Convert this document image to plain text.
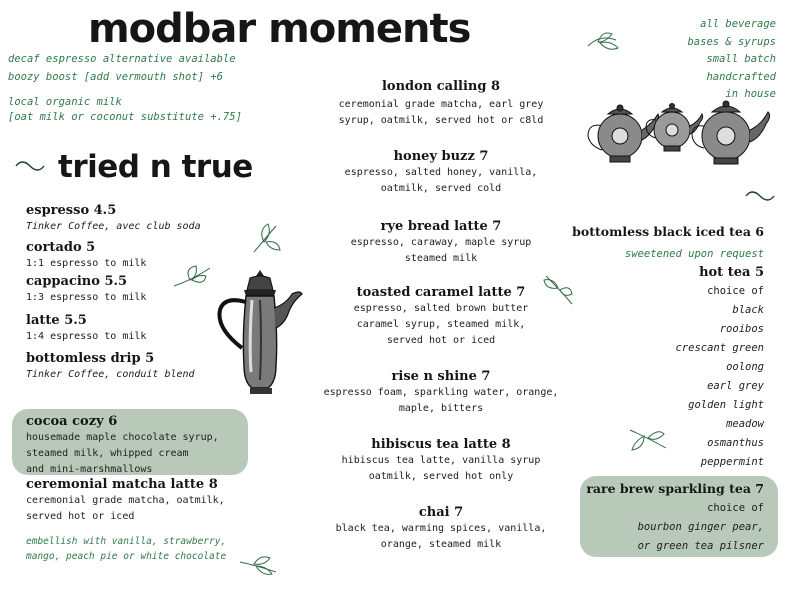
modbar moments
decaf espresso alternative available
boozy boost [add vermouth shot] +6
local organic milk
[oat milk or coconut substitute +.75]
all beverage
bases & syrups
small batch
handcrafted
in house
tried n true
espresso 4.5
Tinker Coffee, avec club soda
cortado 5
1:1 espresso to milk
cappacino 5.5
1:3 espresso to milk
latte 5.5
1:4 espresso to milk
bottomless drip 5
Tinker Coffee, conduit blend
cocoa cozy 6
housemade maple chocolate syrup,
steamed milk, whipped cream
and mini-marshmallows
ceremonial matcha latte 8
ceremonial grade matcha, oatmilk,
served hot or iced
embellish with vanilla, strawberry,
mango, peach pie or white chocolate
london calling 8
ceremonial grade matcha, earl grey
syrup, oatmilk, served hot or c8ld
honey buzz 7
espresso, salted honey, vanilla,
oatmilk, served cold
rye bread latte 7
espresso, caraway, maple syrup
steamed milk
toasted caramel latte 7
espresso, salted brown butter
caramel syrup, steamed milk,
served hot or iced
rise n shine 7
espresso foam, sparkling water, orange,
maple, bitters
hibiscus tea latte 8
hibiscus tea latte, vanilla syrup
oatmilk, served hot only
chai 7
black tea, warming spices, vanilla,
orange, steamed milk
bottomless black iced tea 6
sweetened upon request
hot tea 5
choice of
black
rooibos
crescant green
oolong
earl grey
golden light
meadow
osmanthus
peppermint
rare brew sparkling tea 7
choice of
bourbon ginger pear,
or green tea pilsner
